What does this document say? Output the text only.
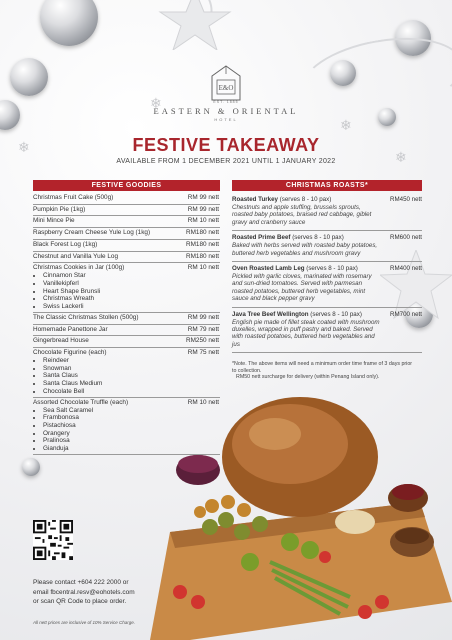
❄
❄
❄
❄
E&O
EASTERN & ORIENTAL
HOTEL
EST. 1885
FESTIVE TAKEAWAY
AVAILABLE FROM 1 DECEMBER 2021 UNTIL 1 JANUARY 2022
FESTIVE GOODIES	CHRISTMAS ROASTS*
Christmas Fruit Cake (500g)	RM 99 nett
Pumpkin Pie (1kg)	RM 99 nett
Mini Mince Pie	RM 10 nett
Raspberry Cream Cheese Yule Log (1kg)	RM180 nett
Black Forest Log (1kg)	RM180 nett
Chestnut and Vanilla Yule Log	RM180 nett
Christmas Cookies in Jar (100g)	RM 10 nett
• Cinnamon Star
• Vanillekipferl
• Heart Shape Brunsli
• Christmas Wreath
• Swiss Lackerli
The Classic Christmas Stollen (500g)	RM 99 nett
Homemade Panettone Jar	RM 79 nett
Gingerbread House	RM250 nett
Chocolate Figurine (each)	RM 75 nett
• Reindeer
• Snowman
• Santa Claus
• Santa Claus Medium
• Chocolate Bell
Assorted Chocolate Truffle (each)	RM 10 nett
• Sea Salt Caramel
• Frambonosa
• Pistachiosa
• Orangery
• Pralinosa
• Gianduja
Roasted Turkey (serves 8 - 10 pax)	RM450 nett
Chestnuts and apple stuffing, brussels sprouts, roasted baby potatoes, braised red cabbage, giblet gravy and cranberry sauce
Roasted Prime Beef (serves 8 - 10 pax)	RM600 nett
Baked with herbs served with roasted baby potatoes, buttered herb vegetables and mushroom gravy
Oven Roasted Lamb Leg (serves 8 - 10 pax)	RM400 nett
Pickled with garlic cloves, marinated with rosemary and sun-dried tomatoes. Served with parmesan roasted potatoes, buttered herb vegetables, mint sauce and black pepper gravy
Java Tree Beef Wellington (serves 8 - 10 pax)	RM700 nett
English pie made of fillet steak coated with mushroom duxelles, wrapped in puff pastry and baked. Served with roasted potatoes, buttered herb vegetables and jus
*Note. The above items will need a minimum order time frame of 3 days prior to collection.
RM50 nett surcharge for delivery (within Penang Island only).
Please contact +604 222 2000 or
email fbcentral.resv@eohotels.com
or scan QR Code to place order.
All nett prices are inclusive of 10% Service Charge.
